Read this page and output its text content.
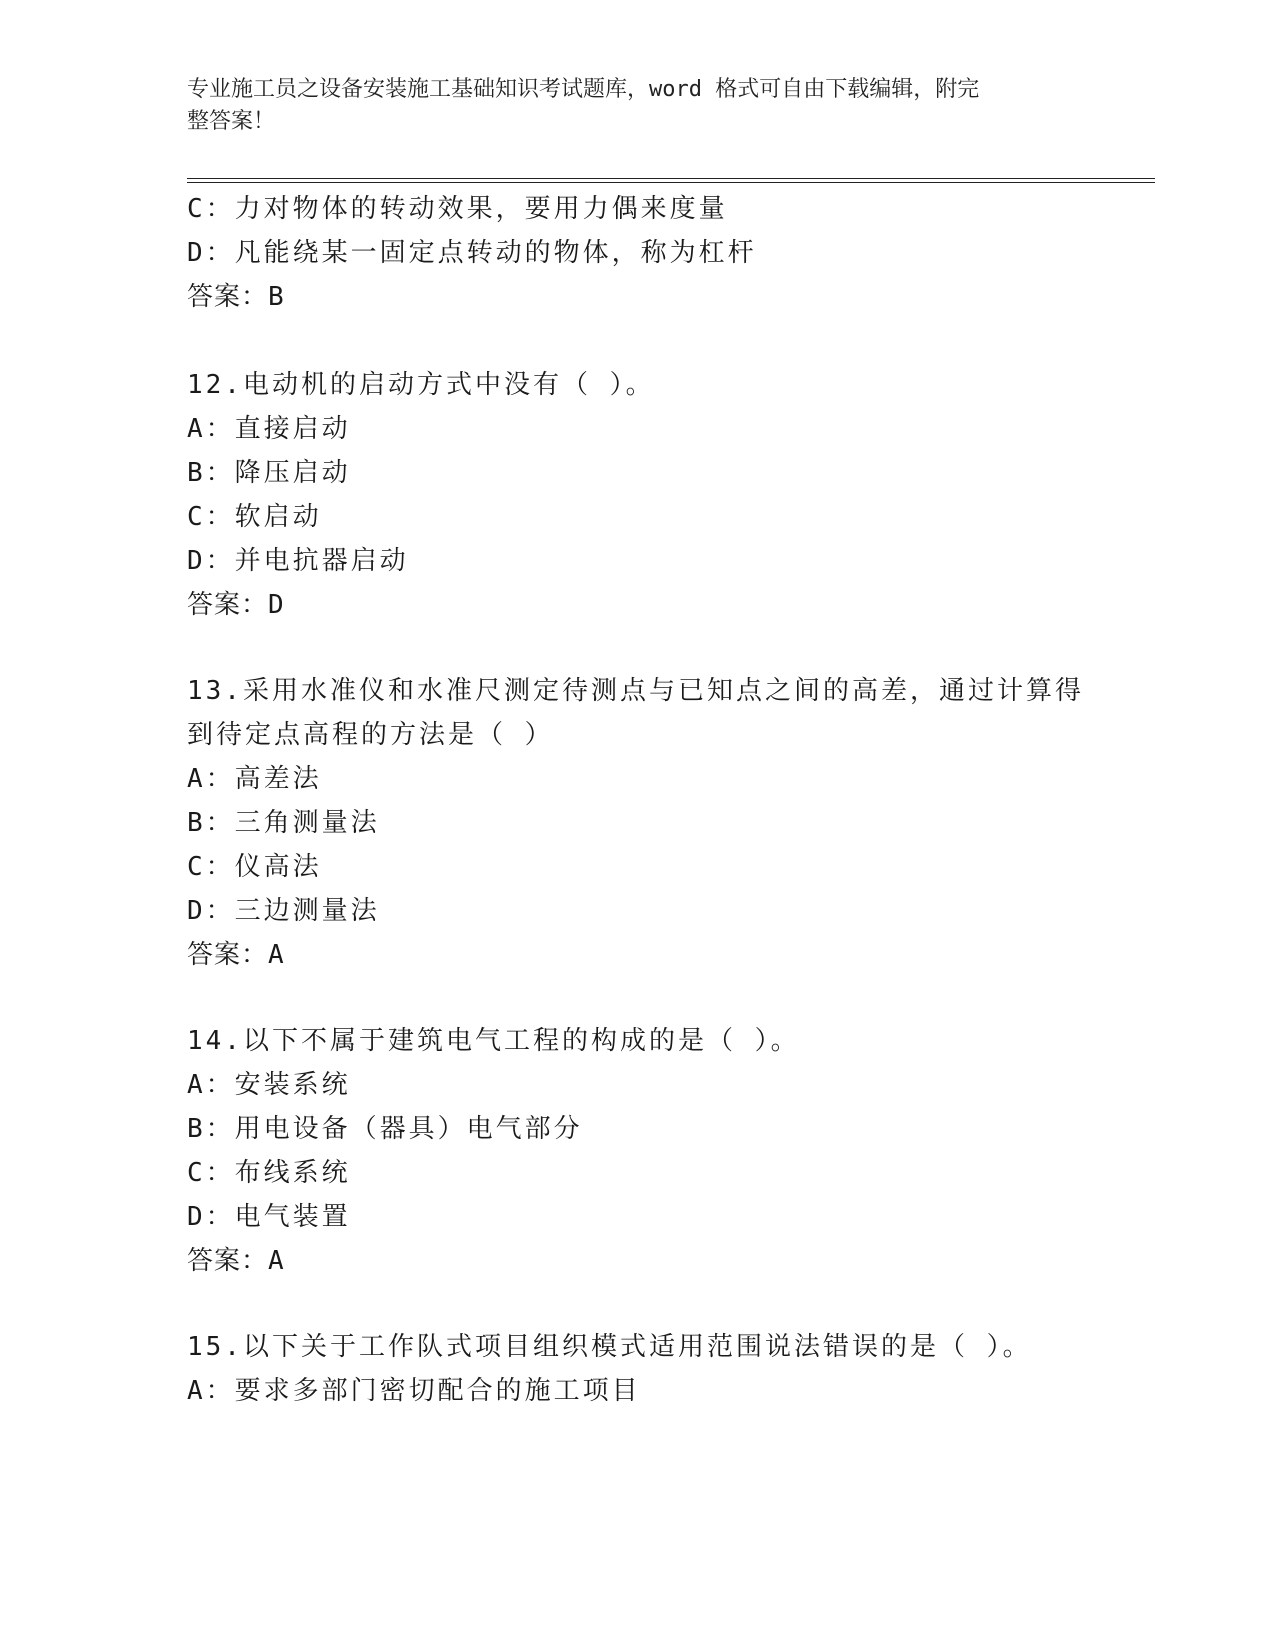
专业施工员之设备安装施工基础知识考试题库，word 格式可自由下载编辑，附完
整答案！
C：力对物体的转动效果，要用力偶来度量
D：凡能绕某一固定点转动的物体，称为杠杆
答案：B
12.电动机的启动方式中没有（ ）。
A：直接启动
B：降压启动
C：软启动
D：并电抗器启动
答案：D
13.采用水准仪和水准尺测定待测点与已知点之间的高差，通过计算得
到待定点高程的方法是（ ）
A：高差法
B：三角测量法
C：仪高法
D：三边测量法
答案：A
14.以下不属于建筑电气工程的构成的是（ ）。
A：安装系统
B：用电设备（器具）电气部分
C：布线系统
D：电气装置
答案：A
15.以下关于工作队式项目组织模式适用范围说法错误的是（ ）。
A：要求多部门密切配合的施工项目
